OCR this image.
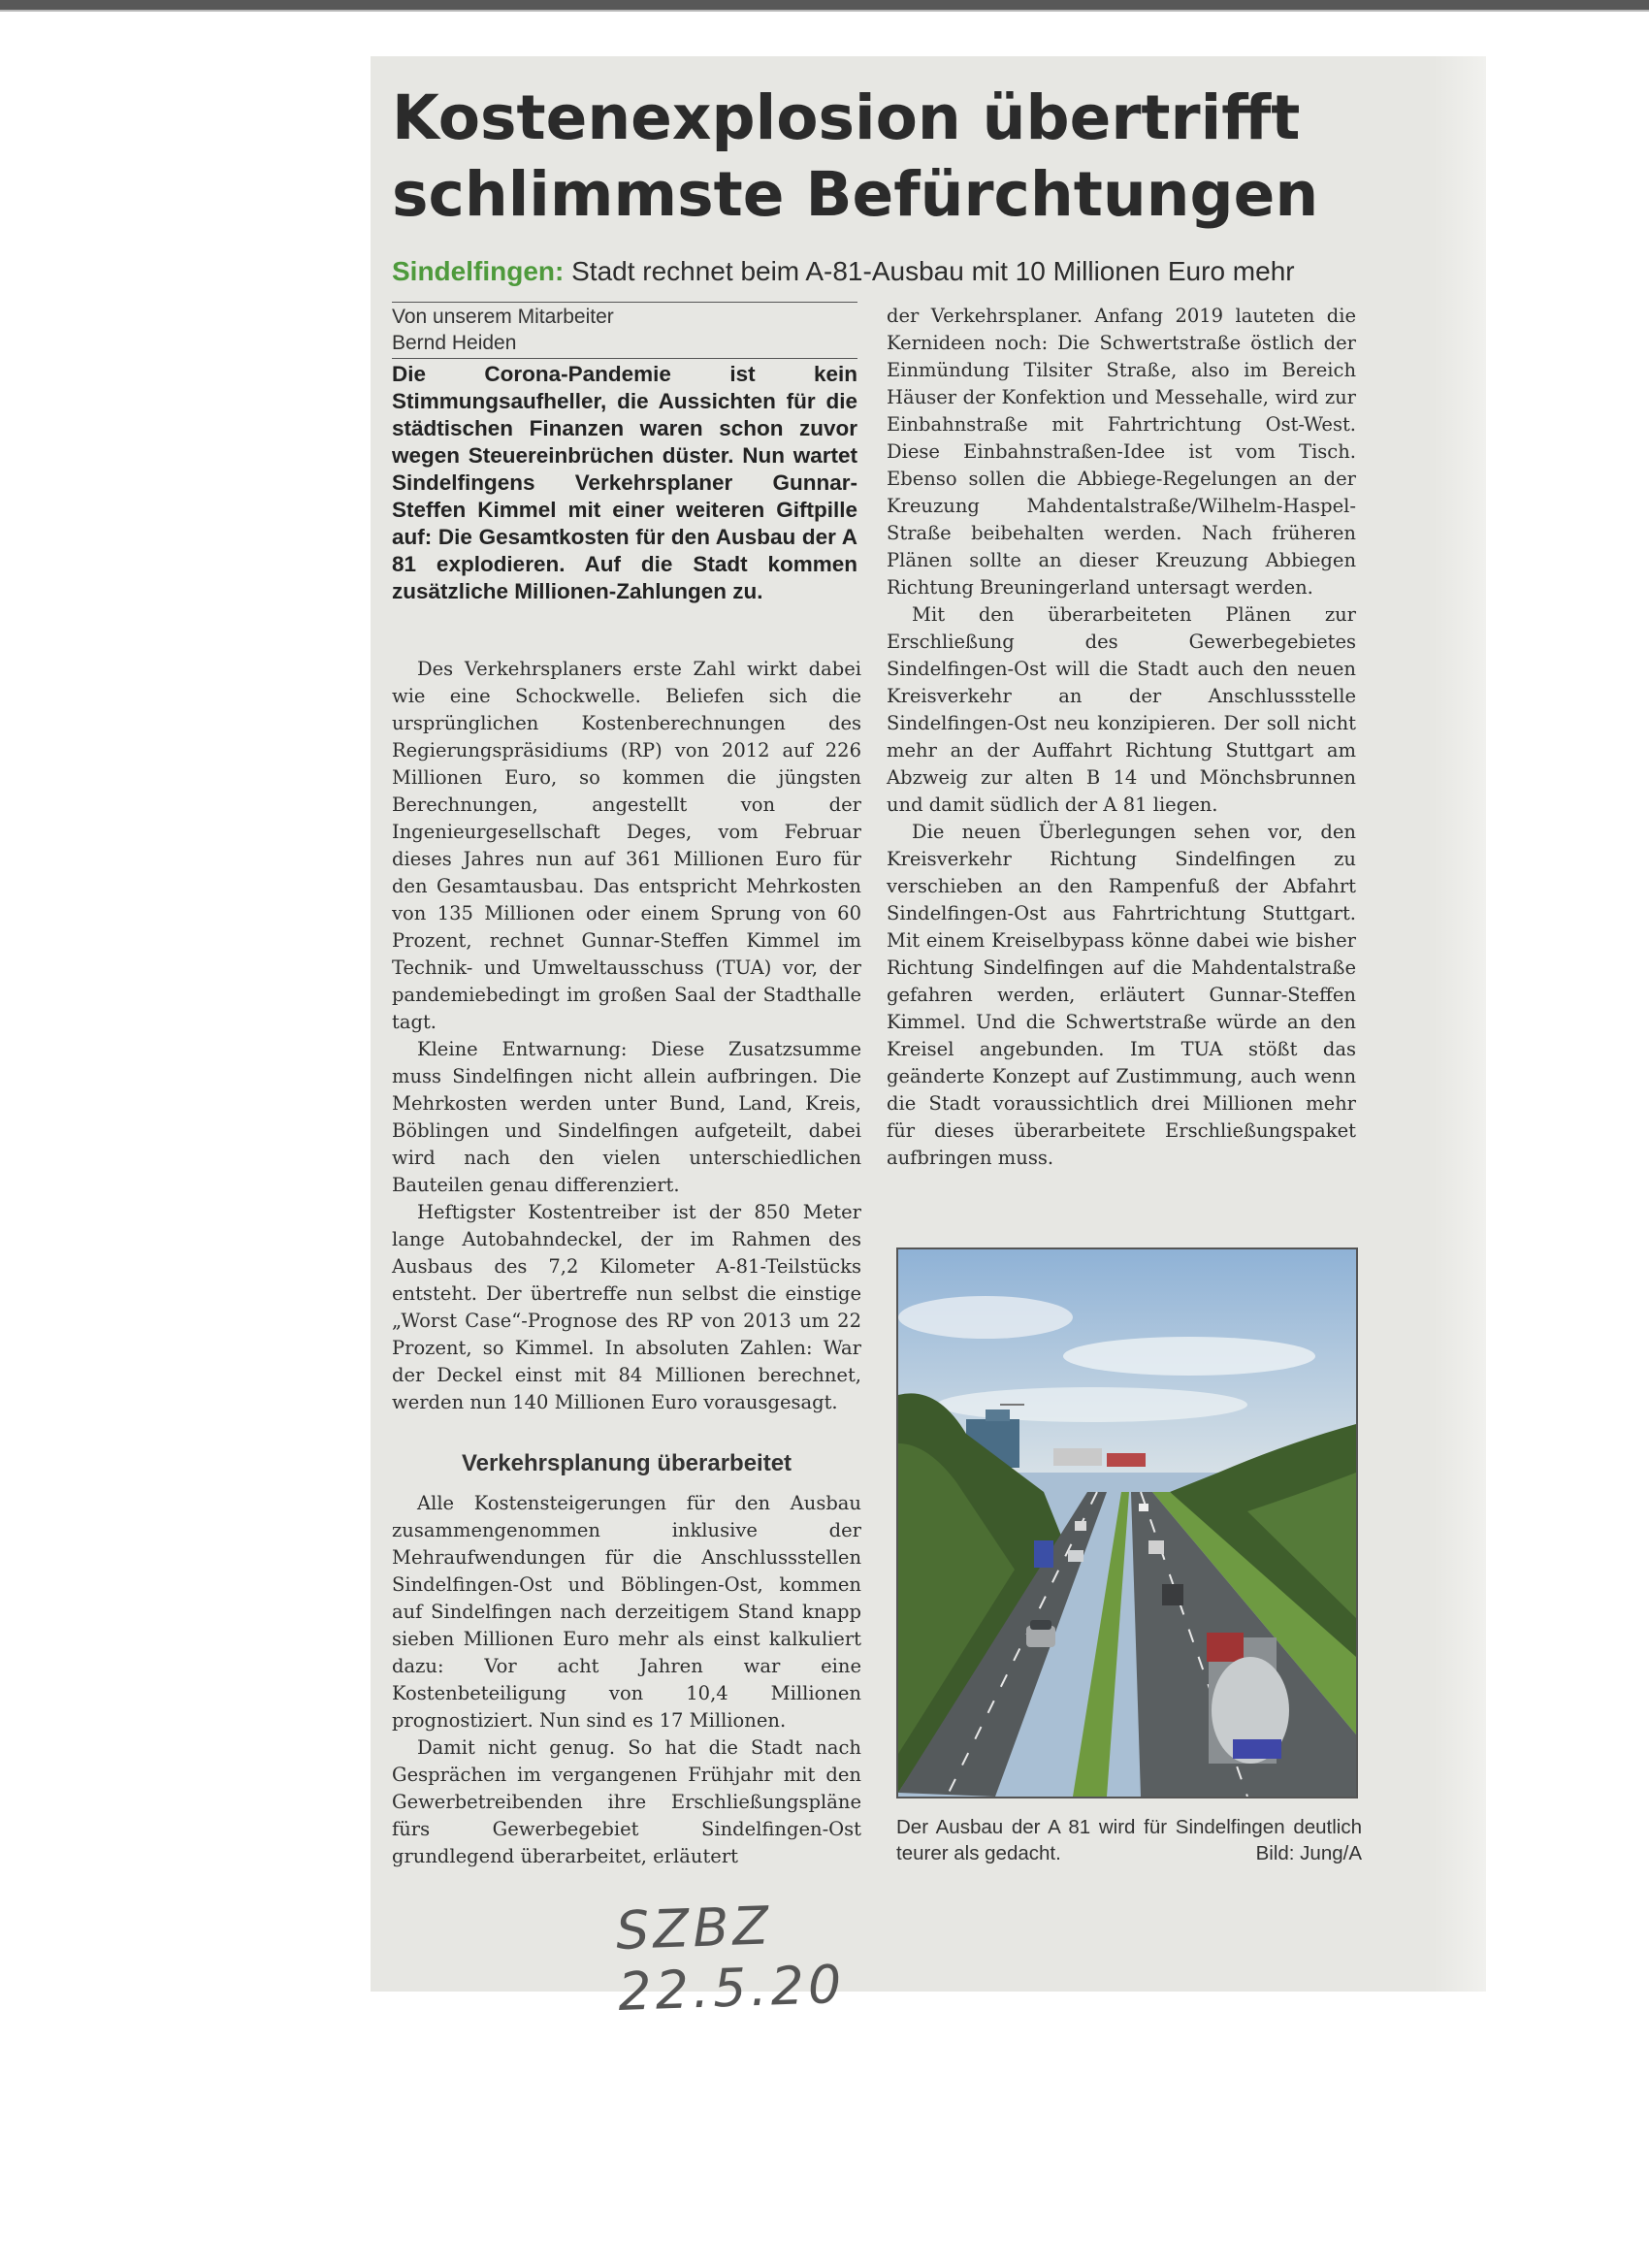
Kostenexplosion übertrifft schlimmste Befürchtungen

Sindelfingen: Stadt rechnet beim A-81-Ausbau mit 10 Millionen Euro mehr

Von unserem Mitarbeiter
Bernd Heiden

Die Corona-Pandemie ist kein Stimmungsaufheller, die Aussichten für die städtischen Finanzen waren schon zuvor wegen Steuereinbrüchen düster. Nun wartet Sindelfingens Verkehrsplaner Gunnar-Steffen Kimmel mit einer weiteren Giftpille auf: Die Gesamtkosten für den Ausbau der A 81 explodieren. Auf die Stadt kommen zusätzliche Millionen-Zahlungen zu.

Des Verkehrsplaners erste Zahl wirkt dabei wie eine Schockwelle. Beliefen sich die ursprünglichen Kostenberechnungen des Regierungspräsidiums (RP) von 2012 auf 226 Millionen Euro, so kommen die jüngsten Berechnungen, angestellt von der Ingenieurgesellschaft Deges, vom Februar dieses Jahres nun auf 361 Millionen Euro für den Gesamtausbau. Das entspricht Mehrkosten von 135 Millionen oder einem Sprung von 60 Prozent, rechnet Gunnar-Steffen Kimmel im Technik- und Umweltausschuss (TUA) vor, der pandemiebedingt im großen Saal der Stadthalle tagt.

Kleine Entwarnung: Diese Zusatzsumme muss Sindelfingen nicht allein aufbringen. Die Mehrkosten werden unter Bund, Land, Kreis, Böblingen und Sindelfingen aufgeteilt, dabei wird nach den vielen unterschiedlichen Bauteilen genau differenziert.

Heftigster Kostentreiber ist der 850 Meter lange Autobahndeckel, der im Rahmen des Ausbaus des 7,2 Kilometer A-81-Teilstücks entsteht. Der übertreffe nun selbst die einstige „Worst Case“-Prognose des RP von 2013 um 22 Prozent, so Kimmel. In absoluten Zahlen: War der Deckel einst mit 84 Millionen berechnet, werden nun 140 Millionen Euro vorausgesagt.

Verkehrsplanung überarbeitet

Alle Kostensteigerungen für den Ausbau zusammengenommen inklusive der Mehraufwendungen für die Anschlussstellen Sindelfingen-Ost und Böblingen-Ost, kommen auf Sindelfingen nach derzeitigem Stand knapp sieben Millionen Euro mehr als einst kalkuliert dazu: Vor acht Jahren war eine Kostenbeteiligung von 10,4 Millionen prognostiziert. Nun sind es 17 Millionen.

Damit nicht genug. So hat die Stadt nach Gesprächen im vergangenen Frühjahr mit den Gewerbetreibenden ihre Erschließungspläne fürs Gewerbegebiet Sindelfingen-Ost grundlegend überarbeitet, erläutert

der Verkehrsplaner. Anfang 2019 lauteten die Kernideen noch: Die Schwertstraße östlich der Einmündung Tilsiter Straße, also im Bereich Häuser der Konfektion und Messehalle, wird zur Einbahnstraße mit Fahrtrichtung Ost-West. Diese Einbahnstraßen-Idee ist vom Tisch. Ebenso sollen die Abbiege-Regelungen an der Kreuzung Mahdentalstraße/Wilhelm-Haspel-Straße beibehalten werden. Nach früheren Plänen sollte an dieser Kreuzung Abbiegen Richtung Breuningerland untersagt werden.

Mit den überarbeiteten Plänen zur Erschließung des Gewerbegebietes Sindelfingen-Ost will die Stadt auch den neuen Kreisverkehr an der Anschlussstelle Sindelfingen-Ost neu konzipieren. Der soll nicht mehr an der Auffahrt Richtung Stuttgart am Abzweig zur alten B 14 und Mönchsbrunnen und damit südlich der A 81 liegen.

Die neuen Überlegungen sehen vor, den Kreisverkehr Richtung Sindelfingen zu verschieben an den Rampenfuß der Abfahrt Sindelfingen-Ost aus Fahrtrichtung Stuttgart. Mit einem Kreiselbypass könne dabei wie bisher Richtung Sindelfingen auf die Mahdentalstraße gefahren werden, erläutert Gunnar-Steffen Kimmel. Und die Schwertstraße würde an den Kreisel angebunden. Im TUA stößt das geänderte Konzept auf Zustimmung, auch wenn die Stadt voraussichtlich drei Millionen mehr für dieses überarbeitete Erschließungspaket aufbringen muss.

Der Ausbau der A 81 wird für Sindelfingen deutlich teurer als gedacht.	Bild: Jung/A

SZBZ 22.5.20
